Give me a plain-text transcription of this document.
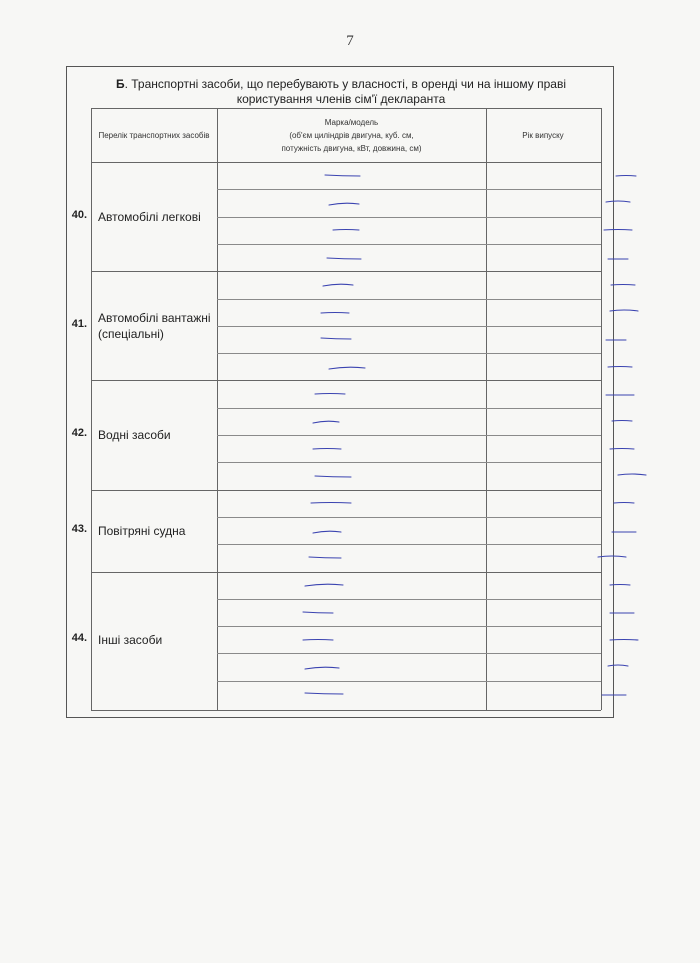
7
Б. Транспортні засоби, що перебувають у власності, в оренді чи на іншому праві
користування членів сім'ї декларанта
Перелік транспортних засобів
Марка/модель
(об'єм циліндрів двигуна, куб. см,
потужність двигуна, кВт, довжина, см)
Рік випуску
40. Автомобілі легкові
41. Автомобілі вантажні (спеціальні)
42. Водні засоби
43. Повітряні судна
44. Інші засоби
